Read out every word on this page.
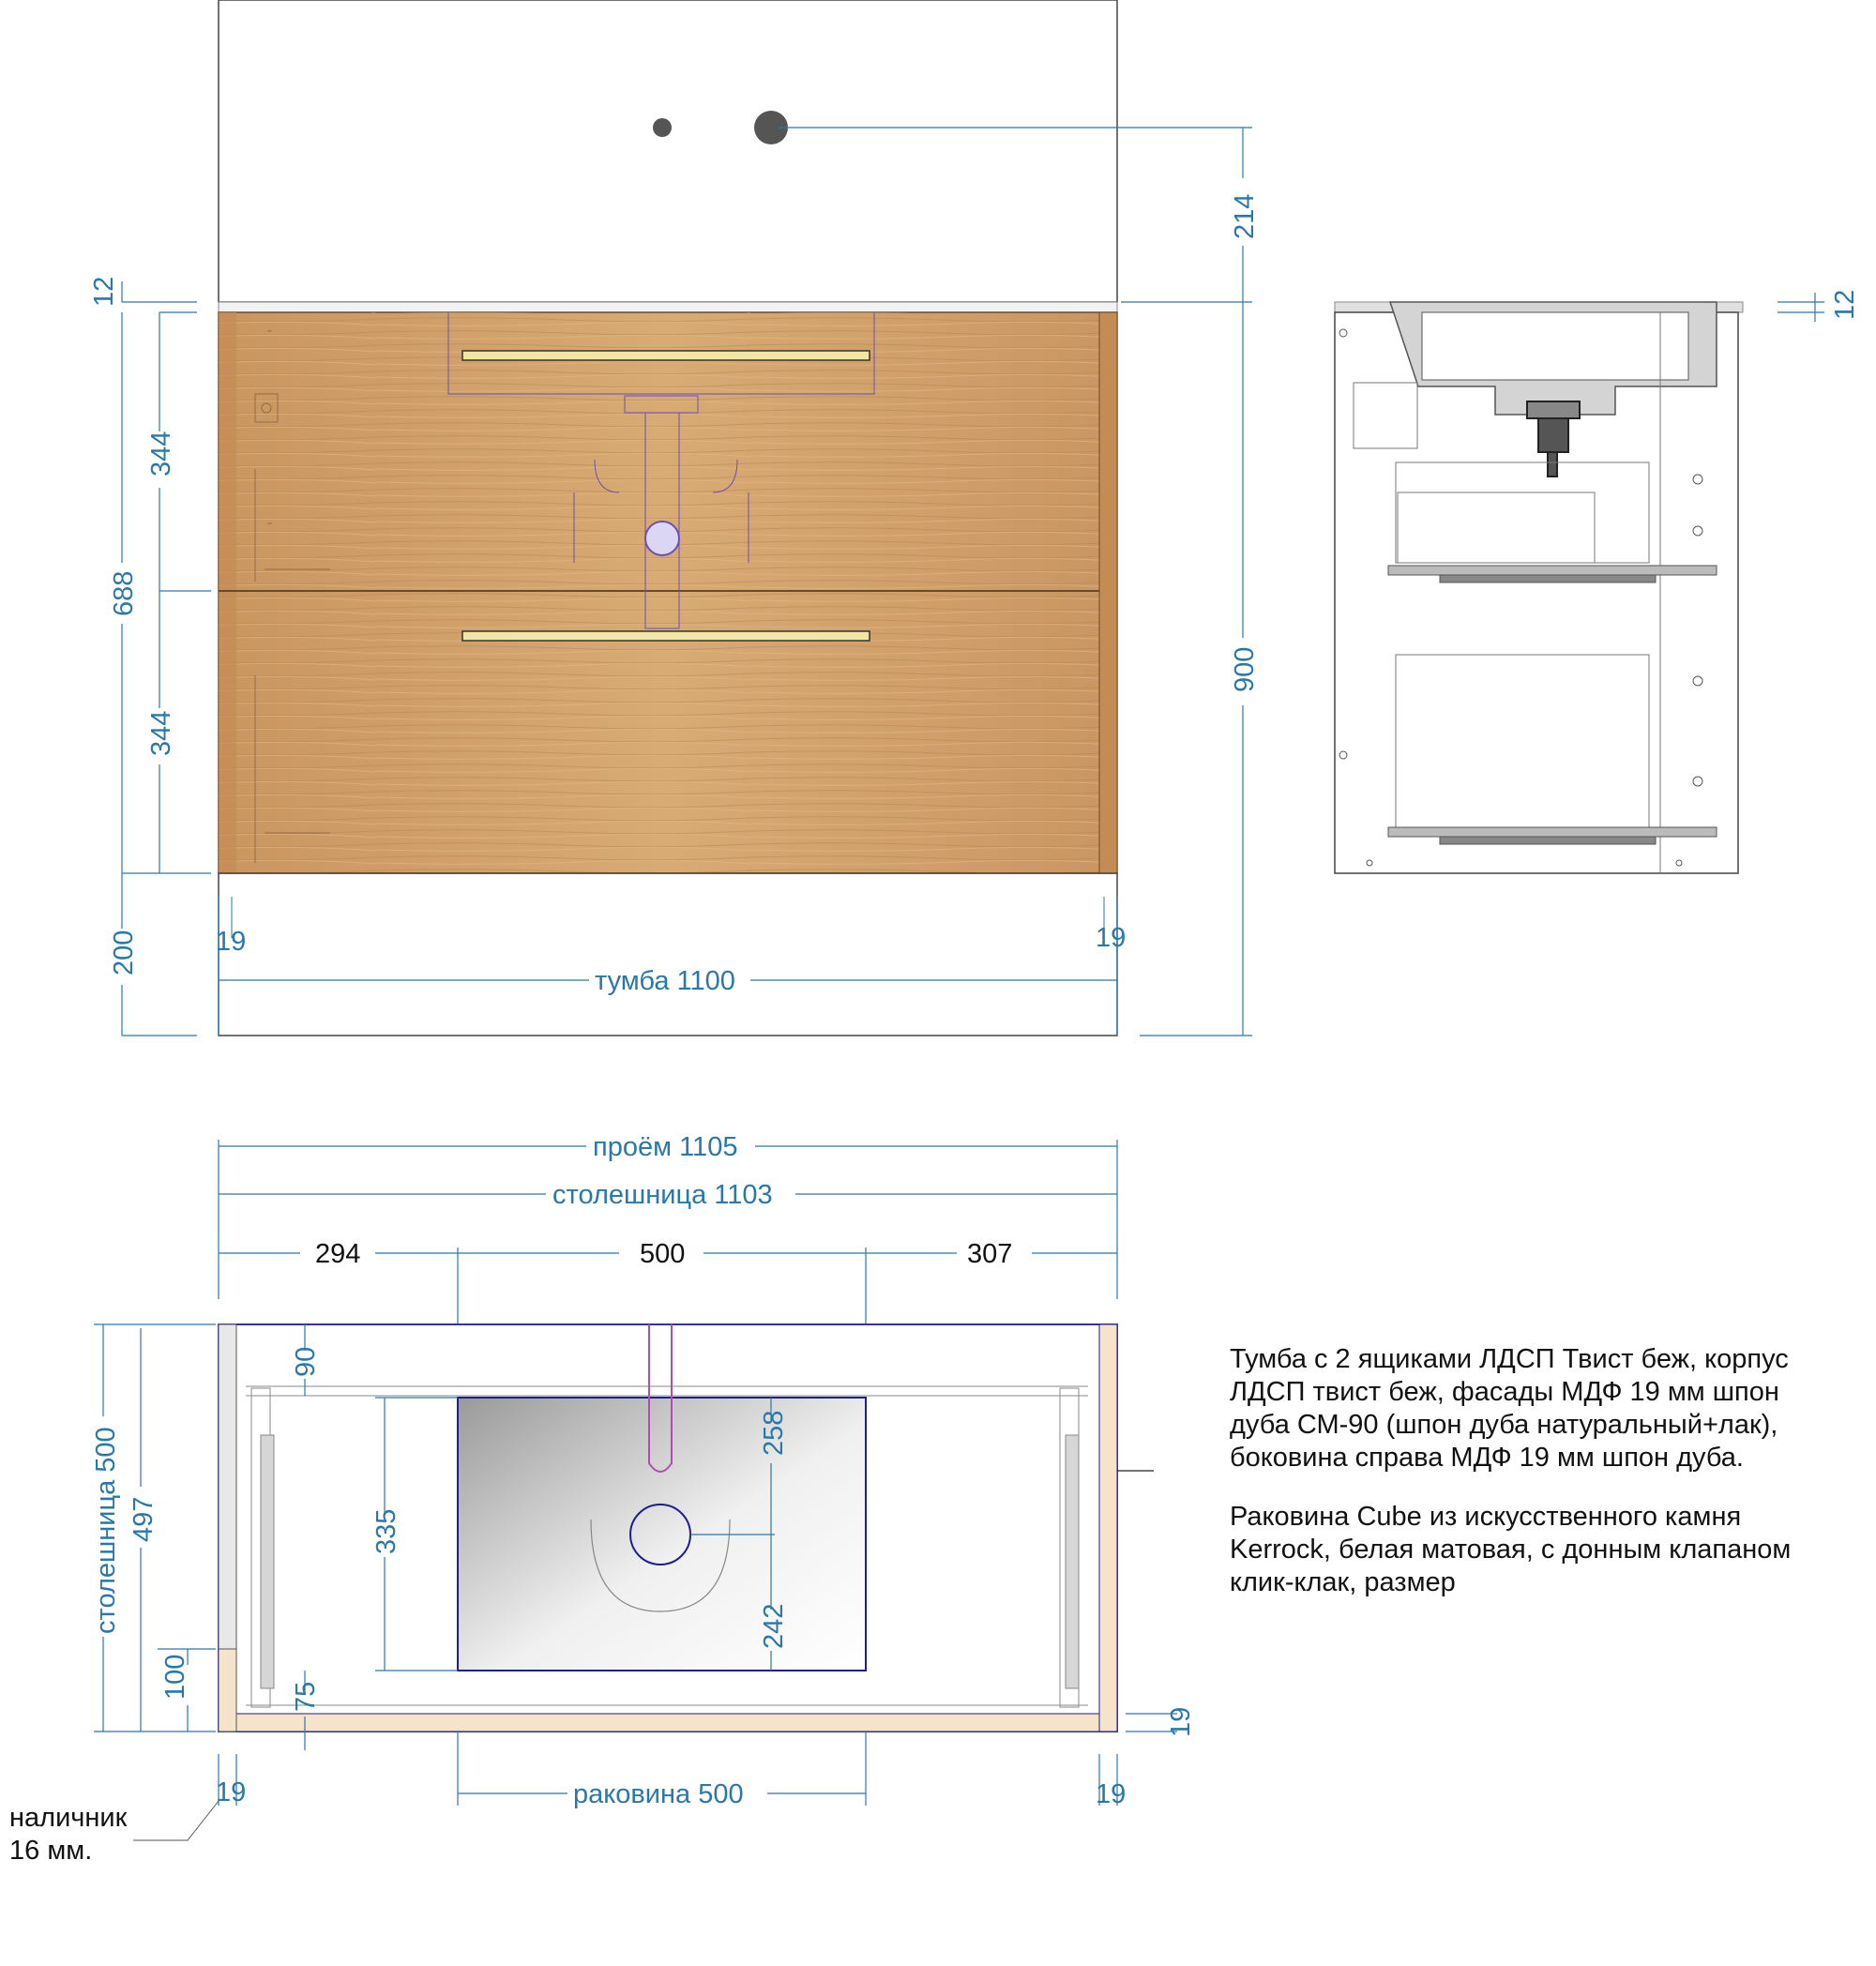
12
344
688
344
200
214
900
19	19
тумба 1100
12
проём 1105
столешница 1103
294	500	307
90
335
75
258
242
19
19	19
раковина 500
столешница 500 497
100

наличник
16 мм.

Тумба с 2 ящиками ЛДСП Твист беж, корпус
ЛДСП твист беж, фасады МДФ 19 мм шпон
дуба СМ-90 (шпон дуба натуральный+лак),
боковина справа МДФ 19 мм шпон дуба.

Раковина Cube из искусственного камня
Kerrock, белая матовая, с донным клапаном
клик-клак, размер
